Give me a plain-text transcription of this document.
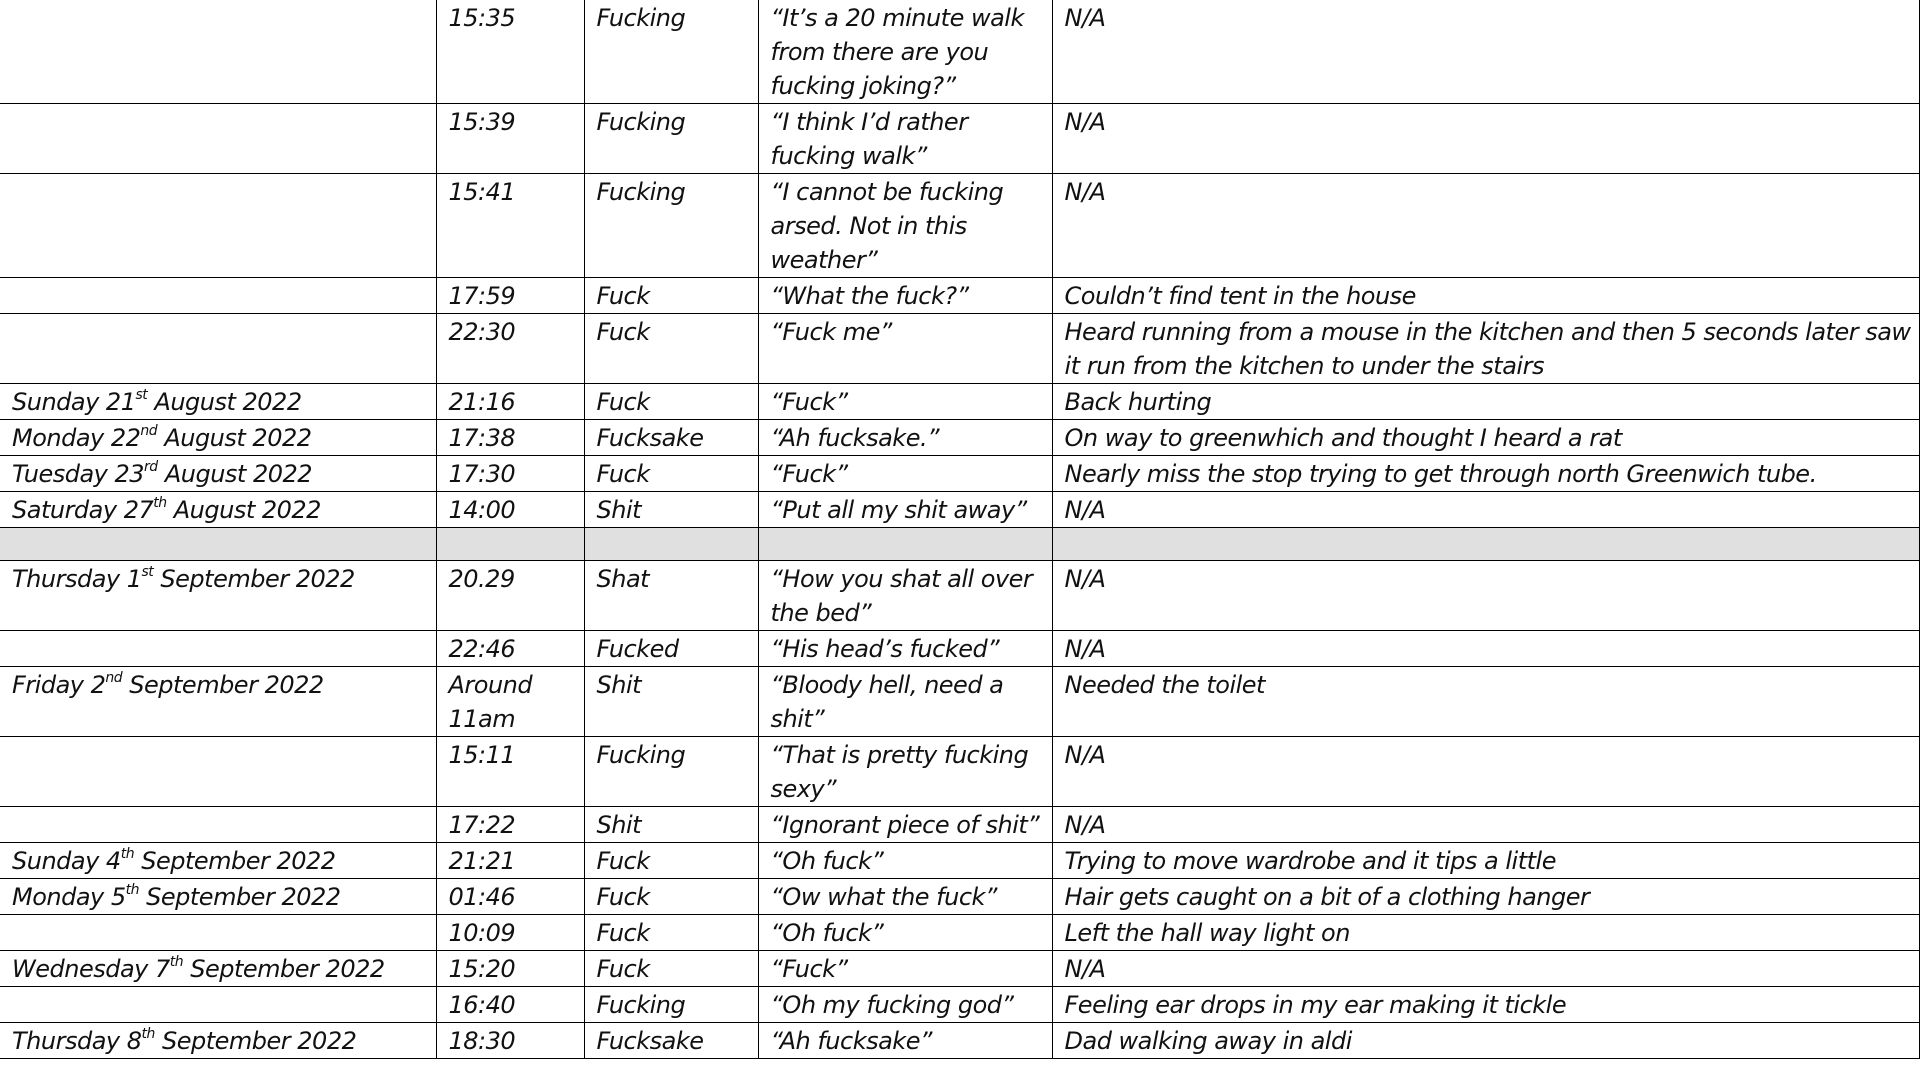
	15:35	Fucking	“It’s a 20 minute walk from there are you fucking joking?”	N/A
	15:39	Fucking	“I think I’d rather fucking walk”	N/A
	15:41	Fucking	“I cannot be fucking arsed. Not in this weather”	N/A
	17:59	Fuck	“What the fuck?”	Couldn’t find tent in the house
	22:30	Fuck	“Fuck me”	Heard running from a mouse in the kitchen and then 5 seconds later saw it run from the kitchen to under the stairs
Sunday 21st August 2022	21:16	Fuck	“Fuck”	Back hurting
Monday 22nd August 2022	17:38	Fucksake	“Ah fucksake.”	On way to greenwhich and thought I heard a rat
Tuesday 23rd August 2022	17:30	Fuck	“Fuck”	Nearly miss the stop trying to get through north Greenwich tube.
Saturday 27th August 2022	14:00	Shit	“Put all my shit away”	N/A

Thursday 1st September 2022	20.29	Shat	“How you shat all over the bed”	N/A
	22:46	Fucked	“His head’s fucked”	N/A
Friday 2nd September 2022	Around 11am	Shit	“Bloody hell, need a shit”	Needed the toilet
	15:11	Fucking	“That is pretty fucking sexy”	N/A
	17:22	Shit	“Ignorant piece of shit”	N/A
Sunday 4th September 2022	21:21	Fuck	“Oh fuck”	Trying to move wardrobe and it tips a little
Monday 5th September 2022	01:46	Fuck	“Ow what the fuck”	Hair gets caught on a bit of a clothing hanger
	10:09	Fuck	“Oh fuck”	Left the hall way light on
Wednesday 7th September 2022	15:20	Fuck	“Fuck”	N/A
	16:40	Fucking	“Oh my fucking god”	Feeling ear drops in my ear making it tickle
Thursday 8th September 2022	18:30	Fucksake	“Ah fucksake”	Dad walking away in aldi
